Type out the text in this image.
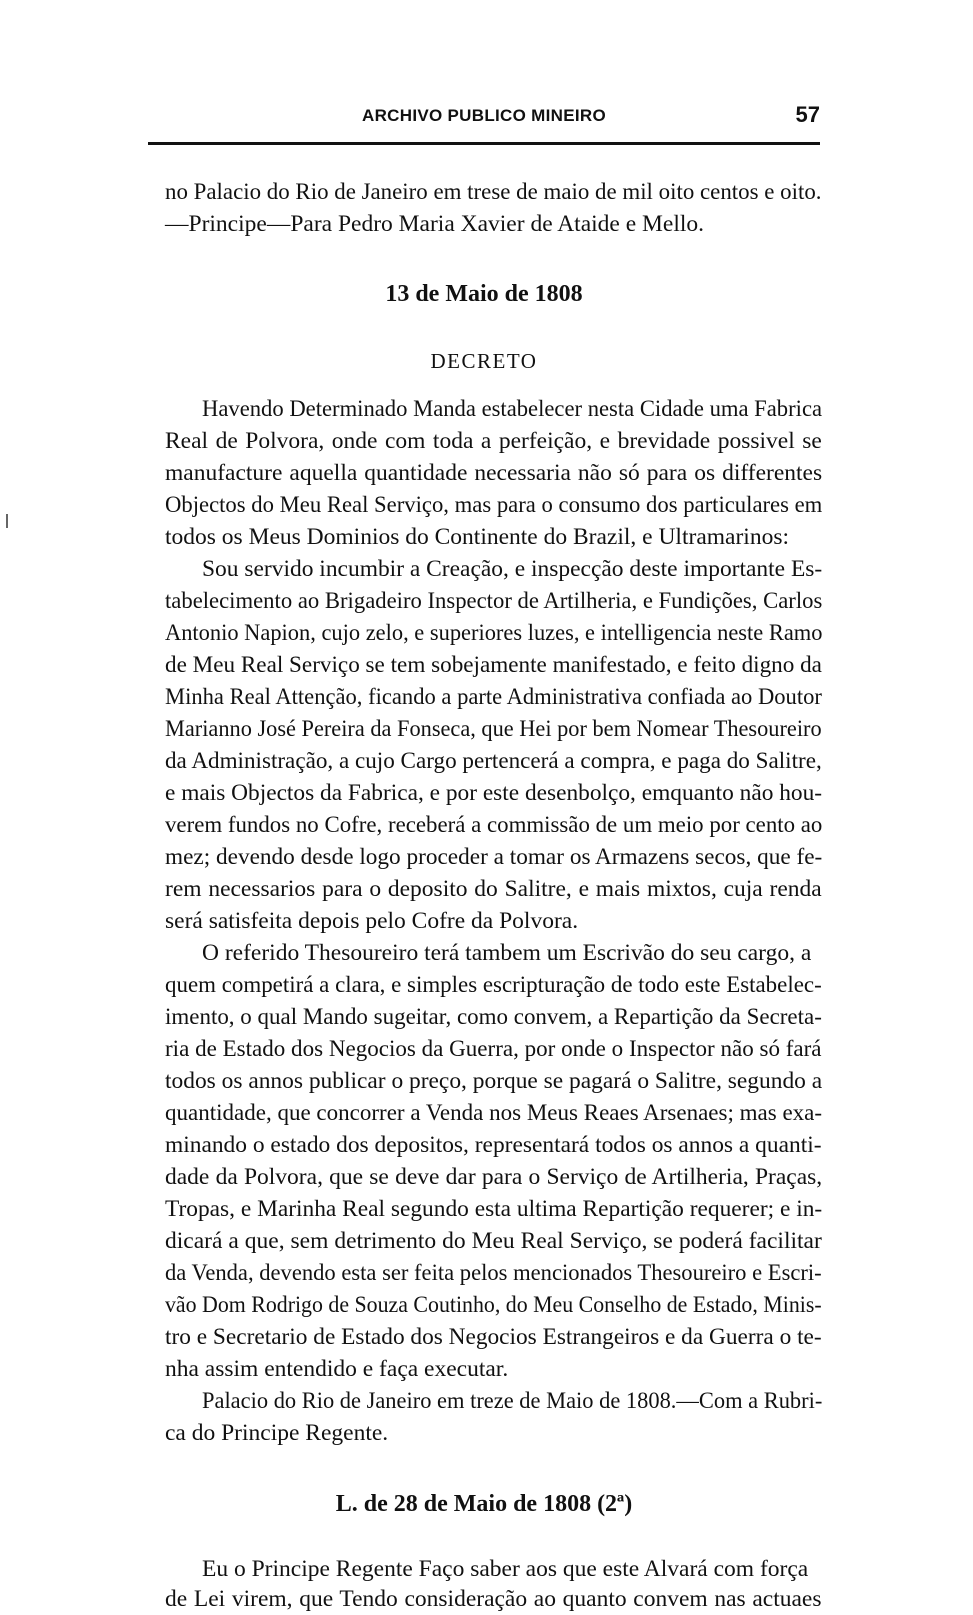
ARCHIVO PUBLICO MINEIRO	57
no Palacio do Rio de Janeiro em trese de maio de mil oito centos e oito.
—Principe—Para Pedro Maria Xavier de Ataide e Mello.
13 de Maio de 1808
DECRETO
Havendo Determinado Manda estabelecer nesta Cidade uma Fabrica
Real de Polvora, onde com toda a perfeição, e brevidade possivel se
manufacture aquella quantidade necessaria não só para os differentes
Objectos do Meu Real Serviço, mas para o consumo dos particulares em
todos os Meus Dominios do Continente do Brazil, e Ultramarinos:
Sou servido incumbir a Creação, e inspecção deste importante Es-
tabelecimento ao Brigadeiro Inspector de Artilheria, e Fundições, Carlos
Antonio Napion, cujo zelo, e superiores luzes, e intelligencia neste Ramo
de Meu Real Serviço se tem sobejamente manifestado, e feito digno da
Minha Real Attenção, ficando a parte Administrativa confiada ao Doutor
Marianno José Pereira da Fonseca, que Hei por bem Nomear Thesoureiro
da Administração, a cujo Cargo pertencerá a compra, e paga do Salitre,
e mais Objectos da Fabrica, e por este desenbolço, emquanto não hou-
verem fundos no Cofre, receberá a commissão de um meio por cento ao
mez; devendo desde logo proceder a tomar os Armazens secos, que fe-
rem necessarios para o deposito do Salitre, e mais mixtos, cuja renda
será satisfeita depois pelo Cofre da Polvora.
O referido Thesoureiro terá tambem um Escrivão do seu cargo, a
quem competirá a clara, e simples escripturação de todo este Estabelec-
imento, o qual Mando sugeitar, como convem, a Repartição da Secreta-
ria de Estado dos Negocios da Guerra, por onde o Inspector não só fará
todos os annos publicar o preço, porque se pagará o Salitre, segundo a
quantidade, que concorrer a Venda nos Meus Reaes Arsenaes; mas exa-
minando o estado dos depositos, representará todos os annos a quanti-
dade da Polvora, que se deve dar para o Serviço de Artilheria, Praças,
Tropas, e Marinha Real segundo esta ultima Repartição requerer; e in-
dicará a que, sem detrimento do Meu Real Serviço, se poderá facilitar
da Venda, devendo esta ser feita pelos mencionados Thesoureiro e Escri-
vão Dom Rodrigo de Souza Coutinho, do Meu Conselho de Estado, Minis-
tro e Secretario de Estado dos Negocios Estrangeiros e da Guerra o te-
nha assim entendido e faça executar.
Palacio do Rio de Janeiro em treze de Maio de 1808.—Com a Rubri-
ca do Principe Regente.
L. de 28 de Maio de 1808 (2ª)
Eu o Principe Regente Faço saber aos que este Alvará com força
de Lei virem, que Tendo consideração ao quanto convem nas actuaes
